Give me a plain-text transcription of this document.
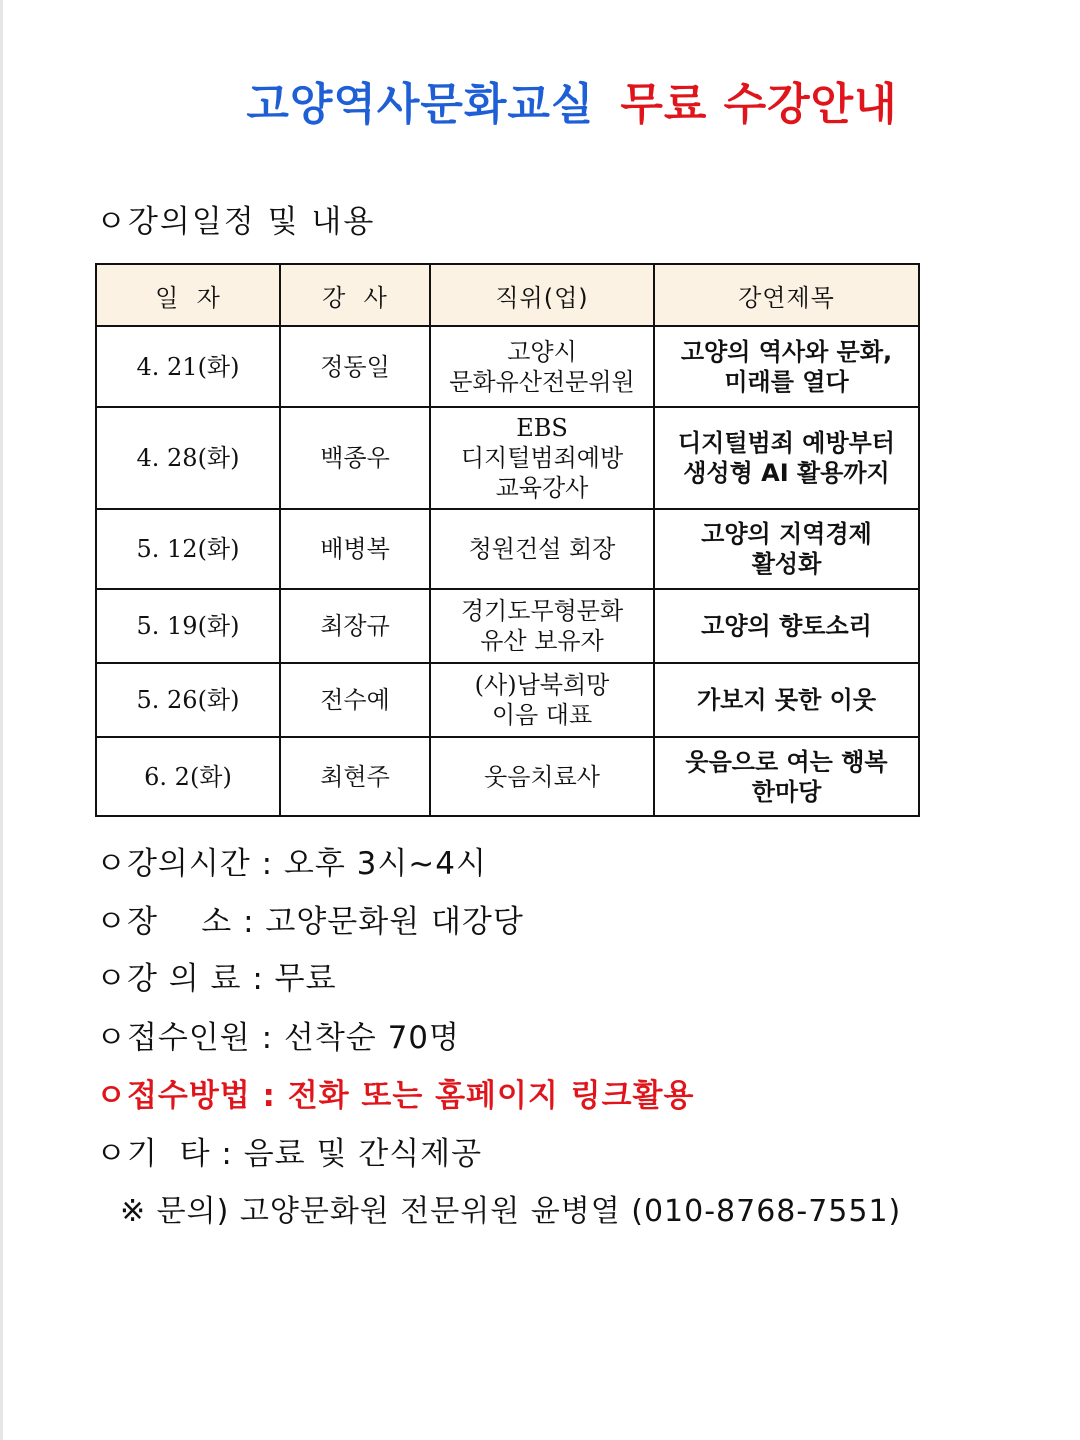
고양역사문화교실 무료 수강안내
ㅇ강의일정 및 내용
일  자	강  사	직위(업)	강연제목
4. 21(화)	정동일	고양시
문화유산전문위원	고양의 역사와 문화,
미래를 열다
4. 28(화)	백종우	EBS
디지털범죄예방
교육강사	디지털범죄 예방부터
생성형 AI 활용까지
5. 12(화)	배병복	청원건설 회장	고양의 지역경제
활성화
5. 19(화)	최장규	경기도무형문화
유산 보유자	고양의 향토소리
5. 26(화)	전수예	(사)남북희망
이음 대표	가보지 못한 이웃
6. 2(화)	최현주	웃음치료사	웃음으로 여는 행복
한마당
ㅇ강의시간 : 오후 3시~4시
ㅇ장    소 : 고양문화원 대강당
ㅇ강 의 료 : 무료
ㅇ접수인원 : 선착순 70명
ㅇ접수방법 : 전화 또는 홈페이지 링크활용
ㅇ기  타 : 음료 및 간식제공
※ 문의) 고양문화원 전문위원 윤병열 (010-8768-7551)
